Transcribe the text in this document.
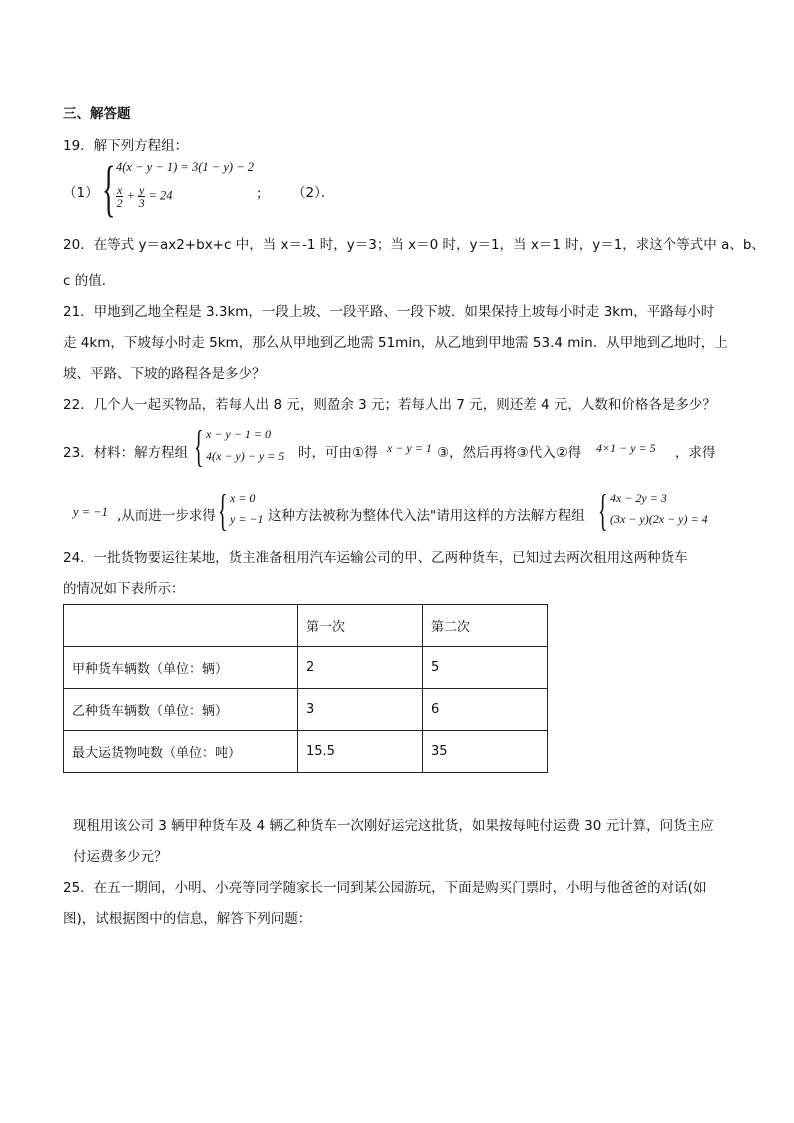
三、解答题
19．解下列方程组：
（1） { 4(x − y − 1) = 3(1 − y) − 2
$\frac{x}{2} + \frac{y}{3} = 24$	； （2）．
20．在等式 y＝ax2+bx+c 中，当 x＝-1 时，y＝3；当 x＝0 时，y＝1，当 x＝1 时，y＝1，求这个等式中 a、b、
c 的值．
21．甲地到乙地全程是 3.3km，一段上坡、一段平路、一段下坡．如果保持上坡每小时走 3km，平路每小时
走 4km，下坡每小时走 5km，那么从甲地到乙地需 51min，从乙地到甲地需 53.4 min．从甲地到乙地时，上
坡、平路、下坡的路程各是多少？
22．几个人一起买物品，若每人出 8 元，则盈余 3 元；若每人出 7 元，则还差 4 元，人数和价格各是多少？
23．材料：解方程组 { x − y − 1 = 0
4(x − y) − y = 5 时，可由①得 x − y = 1 ③，然后再将③代入②得 4×1 − y = 5 ，求得
y = −1 ,从而进一步求得 { x = 0
y = −1 这种方法被称为整体代入法"请用这样的方法解方程组 { 4x − 2y = 3
(3x − y)(2x − y) = 4
24．一批货物要运往某地，货主准备租用汽车运输公司的甲、乙两种货车，已知过去两次租用这两种货车
的情况如下表所示：
	第一次	第二次
甲种货车辆数（单位：辆）	2	5
乙种货车辆数（单位：辆）	3	6
最大运货物吨数（单位：吨）	15.5	35
现租用该公司 3 辆甲种货车及 4 辆乙种货车一次刚好运完这批货，如果按每吨付运费 30 元计算，问货主应
付运费多少元？
25．在五一期间，小明、小亮等同学随家长一同到某公园游玩，下面是购买门票时，小明与他爸爸的对话(如
图)，试根据图中的信息，解答下列问题：
